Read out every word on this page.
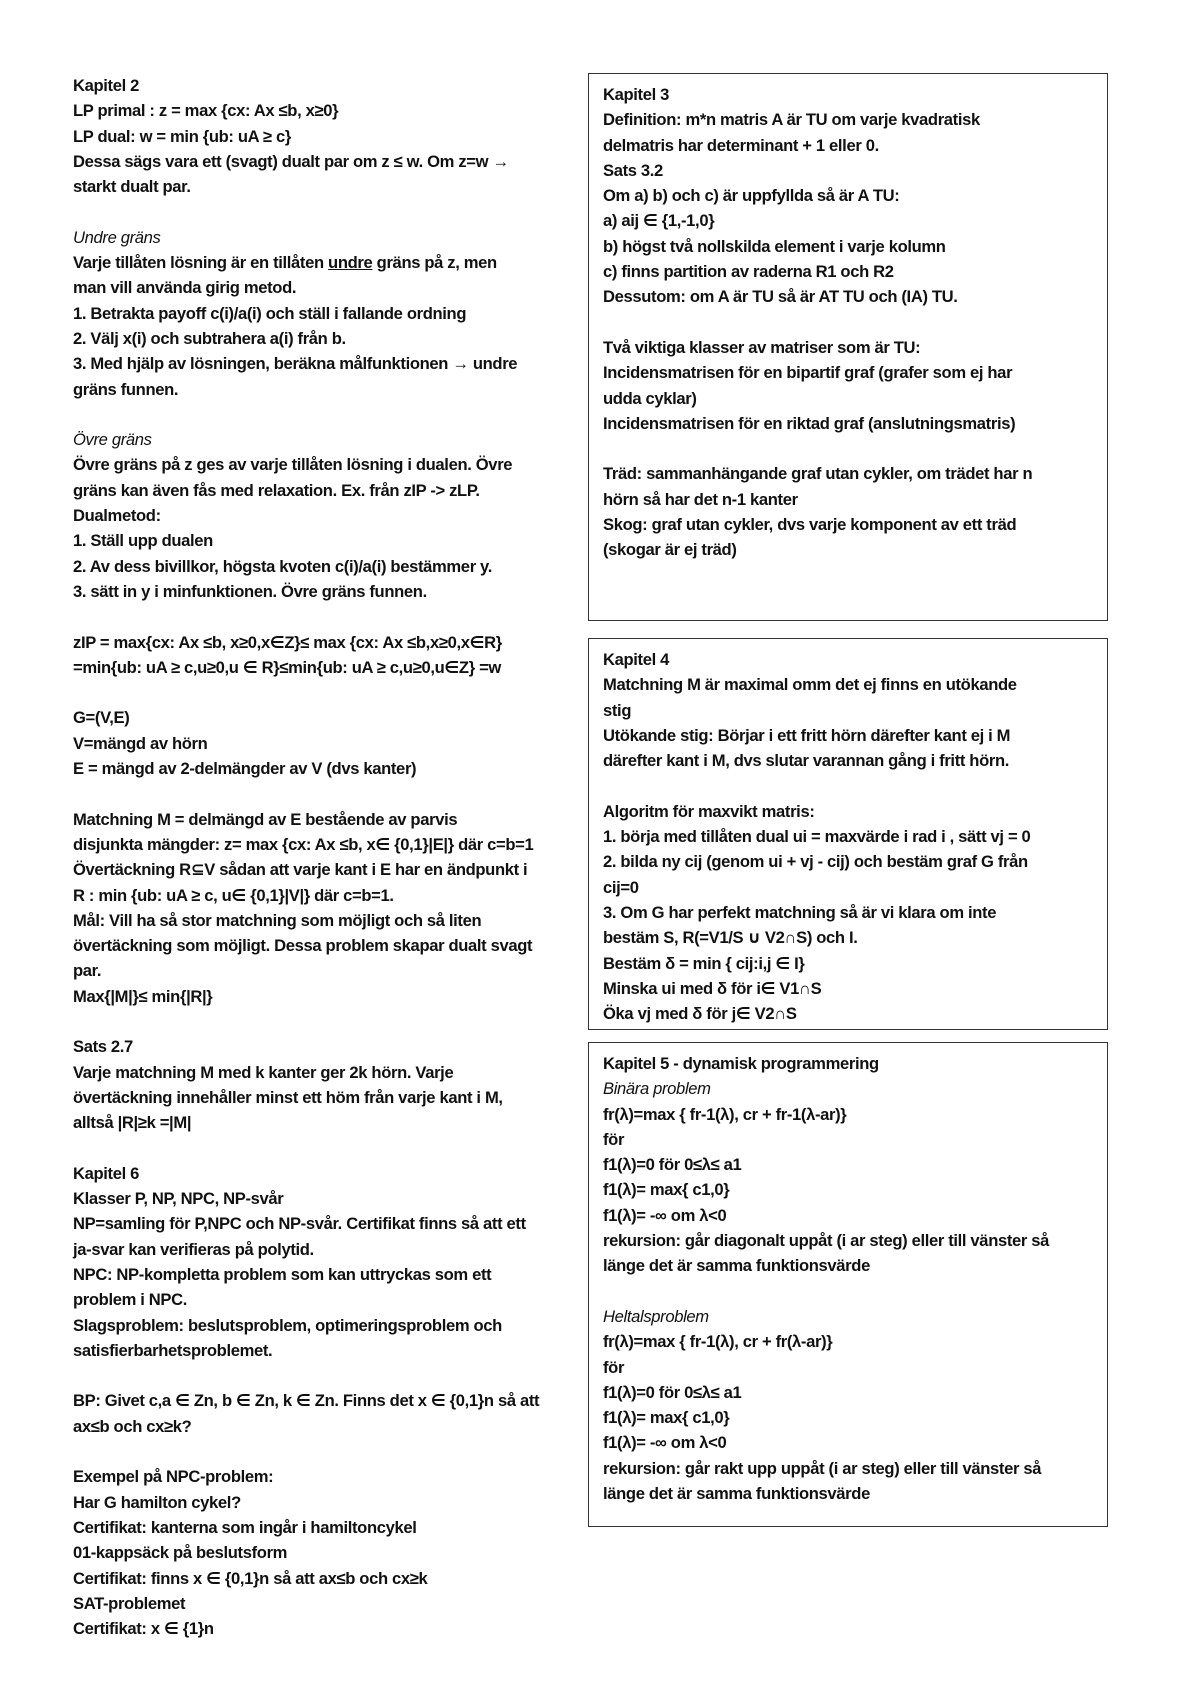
Kapitel 2
LP primal : z = max {cx: Ax ≤b, x≥0}
LP dual: w = min {ub: uA ≥ c}
Dessa sägs vara ett (svagt) dualt par om z ≤ w. Om z=w →
starkt dualt par.
Undre gräns
Varje tillåten lösning är en tillåten undre gräns på z, men
man vill använda girig metod.
1. Betrakta payoff c(i)/a(i) och ställ i fallande ordning
2. Välj x(i) och subtrahera a(i) från b.
3. Med hjälp av lösningen, beräkna målfunktionen → undre
gräns funnen.
Övre gräns
Övre gräns på z ges av varje tillåten lösning i dualen. Övre
gräns kan även fås med relaxation. Ex. från zIP -> zLP.
Dualmetod:
1. Ställ upp dualen
2. Av dess bivillkor, högsta kvoten c(i)/a(i) bestämmer y.
3. sätt in y i minfunktionen. Övre gräns funnen.
zIP = max{cx: Ax ≤b, x≥0,x∈Z}≤ max {cx: Ax ≤b,x≥0,x∈R}
=min{ub: uA ≥ c,u≥0,u ∈ R}≤min{ub: uA ≥ c,u≥0,u∈Z} =w
G=(V,E)
V=mängd av hörn
E = mängd av 2-delmängder av V (dvs kanter)
Matchning M = delmängd av E bestående av parvis
disjunkta mängder: z= max {cx: Ax ≤b, x∈ {0,1}|E|} där c=b=1
Övertäckning R⊆V sådan att varje kant i E har en ändpunkt i
R : min {ub: uA ≥ c, u∈ {0,1}|V|} där c=b=1.
Mål: Vill ha så stor matchning som möjligt och så liten
övertäckning som möjligt. Dessa problem skapar dualt svagt
par.
Max{|M|}≤ min{|R|}
Sats 2.7
Varje matchning M med k kanter ger 2k hörn. Varje
övertäckning innehåller minst ett höm från varje kant i M,
alltså |R|≥k =|M|
Kapitel 6
Klasser P, NP, NPC, NP-svår
NP=samling för P,NPC och NP-svår. Certifikat finns så att ett
ja-svar kan verifieras på polytid.
NPC: NP-kompletta problem som kan uttryckas som ett
problem i NPC.
Slagsproblem: beslutsproblem, optimeringsproblem och
satisfierbarhetsproblemet.
BP: Givet c,a ∈ Zn, b ∈ Zn, k ∈ Zn. Finns det x ∈ {0,1}n så att
ax≤b och cx≥k?
Exempel på NPC-problem:
Har G hamilton cykel?
Certifikat: kanterna som ingår i hamiltoncykel
01-kappsäck på beslutsform
Certifikat: finns x ∈ {0,1}n så att ax≤b och cx≥k
SAT-problemet
Certifikat: x ∈ {1}n
Kapitel 3
Definition: m*n matris A är TU om varje kvadratisk
delmatris har determinant + 1 eller 0.
Sats 3.2
Om a) b) och c) är uppfyllda så är A TU:
a) aij ∈ {1,-1,0}
b) högst två nollskilda element i varje kolumn
c) finns partition av raderna R1 och R2
Dessutom: om A är TU så är AT TU och (IA) TU.
Två viktiga klasser av matriser som är TU:
Incidensmatrisen för en bipartif graf (grafer som ej har
udda cyklar)
Incidensmatrisen för en riktad graf (anslutningsmatris)
Träd: sammanhängande graf utan cykler, om trädet har n
hörn så har det n-1 kanter
Skog: graf utan cykler, dvs varje komponent av ett träd
(skogar är ej träd)
Kapitel 4
Matchning M är maximal omm det ej finns en utökande
stig
Utökande stig: Börjar i ett fritt hörn därefter kant ej i M
därefter kant i M, dvs slutar varannan gång i fritt hörn.
Algoritm för maxvikt matris:
1. börja med tillåten dual ui = maxvärde i rad i , sätt vj = 0
2. bilda ny cij (genom ui + vj - cij) och bestäm graf G från
cij=0
3. Om G har perfekt matchning så är vi klara om inte
bestäm S, R(=V1/S ∪ V2∩S) och I.
Bestäm δ = min { cij:i,j ∈ I}
Minska ui med δ för i∈ V1∩S
Öka vj med δ för j∈ V2∩S
Kapitel 5 - dynamisk programmering
Binära problem
fr(λ)=max { fr-1(λ), cr + fr-1(λ-ar)}
för
f1(λ)=0 för 0≤λ≤ a1
f1(λ)= max{ c1,0}
f1(λ)= -∞ om λ<0
rekursion: går diagonalt uppåt (i ar steg) eller till vänster så
länge det är samma funktionsvärde
Heltalsproblem
fr(λ)=max { fr-1(λ), cr + fr(λ-ar)}
för
f1(λ)=0 för 0≤λ≤ a1
f1(λ)= max{ c1,0}
f1(λ)= -∞ om λ<0
rekursion: går rakt upp uppåt (i ar steg) eller till vänster så
länge det är samma funktionsvärde
